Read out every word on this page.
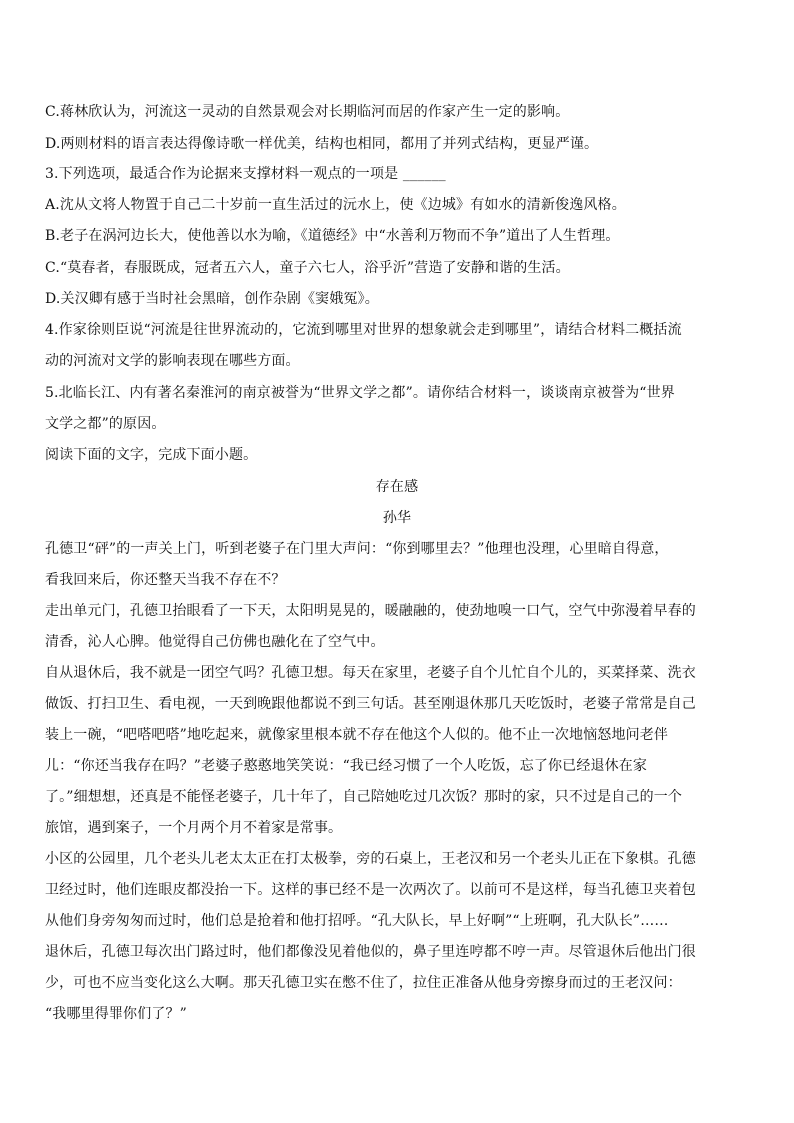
C.蒋林欣认为，河流这一灵动的自然景观会对长期临河而居的作家产生一定的影响。
D.两则材料的语言表达得像诗歌一样优美，结构也相同，都用了并列式结构，更显严谨。
3.下列选项，最适合作为论据来支撑材料一观点的一项是 ______
A.沈从文将人物置于自己二十岁前一直生活过的沅水上，使《边城》有如水的清新俊逸风格。
B.老子在涡河边长大，使他善以水为喻，《道德经》中“水善利万物而不争”道出了人生哲理。
C.“莫春者，春服既成，冠者五六人，童子六七人，浴乎沂”营造了安静和谐的生活。
D.关汉卿有感于当时社会黑暗，创作杂剧《窦娥冤》。
4.作家徐则臣说“河流是往世界流动的，它流到哪里对世界的想象就会走到哪里”，请结合材料二概括流
动的河流对文学的影响表现在哪些方面。
5.北临长江、内有著名秦淮河的南京被誉为“世界文学之都”。请你结合材料一，谈谈南京被誉为“世界
文学之都”的原因。
阅读下面的文字，完成下面小题。
存在感
孙华
孔德卫“砰”的一声关上门，听到老婆子在门里大声问：“你到哪里去？”他理也没理，心里暗自得意，
看我回来后，你还整天当我不存在不？
走出单元门，孔德卫抬眼看了一下天，太阳明晃晃的，暖融融的，使劲地嗅一口气，空气中弥漫着早春的
清香，沁人心脾。他觉得自己仿佛也融化在了空气中。
自从退休后，我不就是一团空气吗？孔德卫想。每天在家里，老婆子自个儿忙自个儿的，买菜择菜、洗衣
做饭、打扫卫生、看电视，一天到晚跟他都说不到三句话。甚至刚退休那几天吃饭时，老婆子常常是自己
装上一碗，“吧嗒吧嗒”地吃起来，就像家里根本就不存在他这个人似的。他不止一次地恼怒地问老伴
儿：“你还当我存在吗？”老婆子憨憨地笑笑说：“我已经习惯了一个人吃饭，忘了你已经退休在家
了。”细想想，还真是不能怪老婆子，几十年了，自己陪她吃过几次饭？那时的家，只不过是自己的一个
旅馆，遇到案子，一个月两个月不着家是常事。
小区的公园里，几个老头儿老太太正在打太极拳，旁的石桌上，王老汉和另一个老头儿正在下象棋。孔德
卫经过时，他们连眼皮都没抬一下。这样的事已经不是一次两次了。以前可不是这样，每当孔德卫夹着包
从他们身旁匆匆而过时，他们总是抢着和他打招呼。“孔大队长，早上好啊”“上班啊，孔大队长”……
退休后，孔德卫每次出门路过时，他们都像没见着他似的，鼻子里连哼都不哼一声。尽管退休后他出门很
少，可也不应当变化这么大啊。那天孔德卫实在憋不住了，拉住正准备从他身旁擦身而过的王老汉问：
“我哪里得罪你们了？”
